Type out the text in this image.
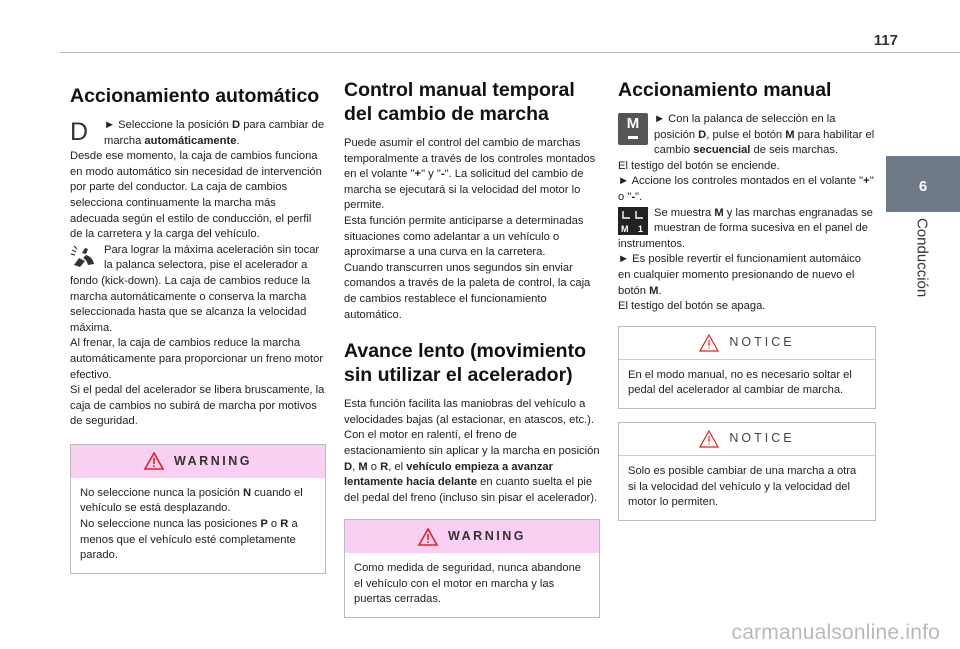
117
6
Conducción
Accionamiento automático

D	► Seleccione la posición D para cambiar de marcha automáticamente.

Desde ese momento, la caja de cambios funciona en modo automático sin necesidad de intervención por parte del conductor. La caja de cambios selecciona continuamente la marcha más adecuada según el estilo de conducción, el perfil de la carretera y la carga del vehículo.

Para lograr la máxima aceleración sin tocar la palanca selectora, pise el acelerador a fondo (kick-down). La caja de cambios reduce la marcha automáticamente o conserva la marcha seleccionada hasta que se alcanza la velocidad máxima.

Al frenar, la caja de cambios reduce la marcha automáticamente para proporcionar un freno motor efectivo.

Si el pedal del acelerador se libera bruscamente, la caja de cambios no subirá de marcha por motivos de seguridad.

WARNING

No seleccione nunca la posición N cuando el vehículo se está desplazando.

No seleccione nunca las posiciones P o R a menos que el vehículo esté completamente parado.

Control manual temporal del cambio de marcha

Puede asumir el control del cambio de marchas temporalmente a través de los controles montados en el volante "+" y "-". La solicitud del cambio de marcha se ejecutará si la velocidad del motor lo permite.

Esta función permite anticiparse a determinadas situaciones como adelantar a un vehículo o aproximarse a una curva en la carretera.

Cuando transcurren unos segundos sin enviar comandos a través de la paleta de control, la caja de cambios restablece el funcionamiento automático.

Avance lento (movimiento sin utilizar el acelerador)

Esta función facilita las maniobras del vehículo a velocidades bajas (al estacionar, en atascos, etc.).

Con el motor en ralentí, el freno de estacionamiento sin aplicar y la marcha en posición D, M o R, el vehículo empieza a avanzar lentamente hacia delante en cuanto suelta el pie del pedal del freno (incluso sin pisar el acelerador).

WARNING
Como medida de seguridad, nunca abandone el vehículo con el motor en marcha y las puertas cerradas.
Accionamiento manual

M	► Con la palanca de selección en la posición D, pulse el botón M para habilitar el cambio secuencial de seis marchas.

El testigo del botón se enciende.

► Accione los controles montados en el volante "+" o "-".

M 1
Se muestra M y las marchas engranadas se muestran de forma sucesiva en el panel de instrumentos.

► Es posible revertir el funcionamient automáico en cualquier momento presionando de nuevo el botón M.

El testigo del botón se apaga.

NOTICE
En el modo manual, no es necesario soltar el pedal del acelerador al cambiar de marcha.
NOTICE
Solo es posible cambiar de una marcha a otra si la velocidad del vehículo y la velocidad del motor lo permiten.
carmanualsonline.info
